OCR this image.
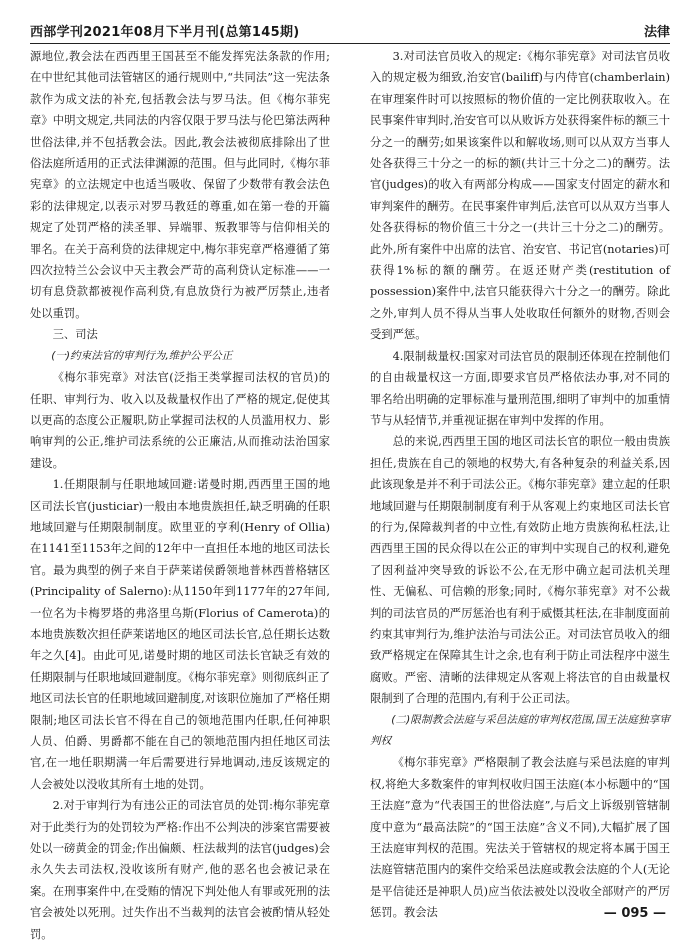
西部学刊2021年08月下半月刊(总第145期)	法律

源地位,教会法在西西里王国甚至不能发挥宪法条款的作用;在中世纪其他司法管辖区的通行规则中,“共同法”这一宪法条款作为成文法的补充,包括教会法与罗马法。但《梅尔菲宪章》中明文规定,共同法的内容仅限于罗马法与伦巴第法两种世俗法律,并不包括教会法。因此,教会法被彻底排除出了世俗法庭所适用的正式法律渊源的范围。但与此同时,《梅尔菲宪章》的立法规定中也适当吸收、保留了少数带有教会法色彩的法律规定,以表示对罗马教廷的尊重,如在第一卷的开篇规定了处罚严格的渎圣罪、异端罪、叛教罪等与信仰相关的罪名。在关于高利贷的法律规定中,梅尔菲宪章严格遵循了第四次拉特兰公会议中天主教会严苛的高利贷认定标准——一切有息贷款都被视作高利贷,有息放贷行为被严厉禁止,违者处以重罚。

三、司法
(一)约束法官的审判行为,维护公平公正

《梅尔菲宪章》对法官(泛指王类掌握司法权的官员)的任职、审判行为、收入以及裁量权作出了严格的规定,促使其以更高的态度公正履职,防止掌握司法权的人员滥用权力、影响审判的公正,维护司法系统的公正廉洁,从而推动法治国家建设。

1.任期限制与任职地域回避:诺曼时期,西西里王国的地区司法长官(justiciar)一般由本地贵族担任,缺乏明确的任职地域回避与任期限制制度。欧里亚的亨利(Henry of Ollia)在1141至1153年之间的12年中一直担任本地的地区司法长官。最为典型的例子来自于萨莱诺侯爵领地普林西普格辖区(Principality of Salerno):从1150年到1177年的27年间,一位名为卡梅罗塔的弗洛里乌斯(Florius of Camerota)的本地贵族数次担任萨莱诺地区的地区司法长官,总任期长达数年之久[4]。由此可见,诺曼时期的地区司法长官缺乏有效的任期限制与任职地域回避制度。《梅尔菲宪章》则彻底纠正了地区司法长官的任职地域回避制度,对该职位施加了严格任期限制;地区司法长官不得在自己的领地范围内任职,任何神职人员、伯爵、男爵都不能在自己的领地范围内担任地区司法官,在一地任职期满一年后需要进行异地调动,违反该规定的人会被处以没收其所有土地的处罚。

2.对于审判行为有违公正的司法官员的处罚:梅尔菲宪章对于此类行为的处罚较为严格:作出不公判决的涉案官需要被处以一磅黄金的罚金;作出偏颇、枉法裁判的法官(judges)会永久失去司法权,没收该所有财产,他的恶名也会被记录在案。在刑事案件中,在受贿的情况下判处他人有罪或死刑的法官会被处以死刑。过失作出不当裁判的法官会被酌情从轻处罚。

3.对司法官员收入的规定:《梅尔菲宪章》对司法官员收入的规定极为细致,治安官(bailiff)与内侍官(chamberlain)在审理案件时可以按照标的物价值的一定比例获取收入。在民事案件审判时,治安官可以从败诉方处获得案件标的额三十分之一的酬劳;如果该案件以和解收场,则可以从双方当事人处各获得三十分之一的标的额(共计三十分之二)的酬劳。法官(judges)的收入有两部分构成——国家支付固定的薪水和审判案件的酬劳。在民事案件审判后,法官可以从双方当事人处各获得标的物价值三十分之一(共计三十分之二)的酬劳。此外,所有案件中出席的法官、治安官、书记官(notaries)可获得1%标的额的酬劳。在返还财产类(restitution of possession)案件中,法官只能获得六十分之一的酬劳。除此之外,审判人员不得从当事人处收取任何额外的财物,否则会受到严惩。

4.限制裁量权:国家对司法官员的限制还体现在控制他们的自由裁量权这一方面,即要求官员严格依法办事,对不同的罪名给出明确的定罪标准与量刑范围,细明了审判中的加重情节与从轻情节,并重视证据在审判中发挥的作用。

总的来说,西西里王国的地区司法长官的职位一般由贵族担任,贵族在自己的领地的权势大,有各种复杂的利益关系,因此该现象是并不利于司法公正。《梅尔菲宪章》建立起的任职地域回避与任期限制制度有利于从客观上约束地区司法长官的行为,保障裁判者的中立性,有效防止地方贵族徇私枉法,让西西里王国的民众得以在公正的审判中实现自己的权利,避免了因利益冲突导致的诉讼不公,在无形中确立起司法机关理性、无偏私、可信赖的形象;同时,《梅尔菲宪章》对不公裁判的司法官员的严厉惩治也有利于威慑其枉法,在非制度面前约束其审判行为,维护法治与司法公正。对司法官员收入的细致严格规定在保障其生计之余,也有利于防止司法程序中滋生腐败。严密、清晰的法律规定从客观上将法官的自由裁量权限制到了合理的范围内,有利于公正司法。

(二)限制教会法庭与采邑法庭的审判权范围,国王法庭独享审判权

《梅尔菲宪章》严格限制了教会法庭与采邑法庭的审判权,将绝大多数案件的审判权收归国王法庭(本小标题中的“国王法庭”意为“代表国王的世俗法庭”,与后文上诉级别管辖制度中意为“最高法院”的“国王法庭”含义不同),大幅扩展了国王法庭审判权的范围。宪法关于管辖权的规定将本属于国王法庭管辖范围内的案件交给采邑法庭或教会法庭的个人(无论是平信徒还是神职人员)应当依法被处以没收全部财产的严厉惩罚。教会法	— 095 —
